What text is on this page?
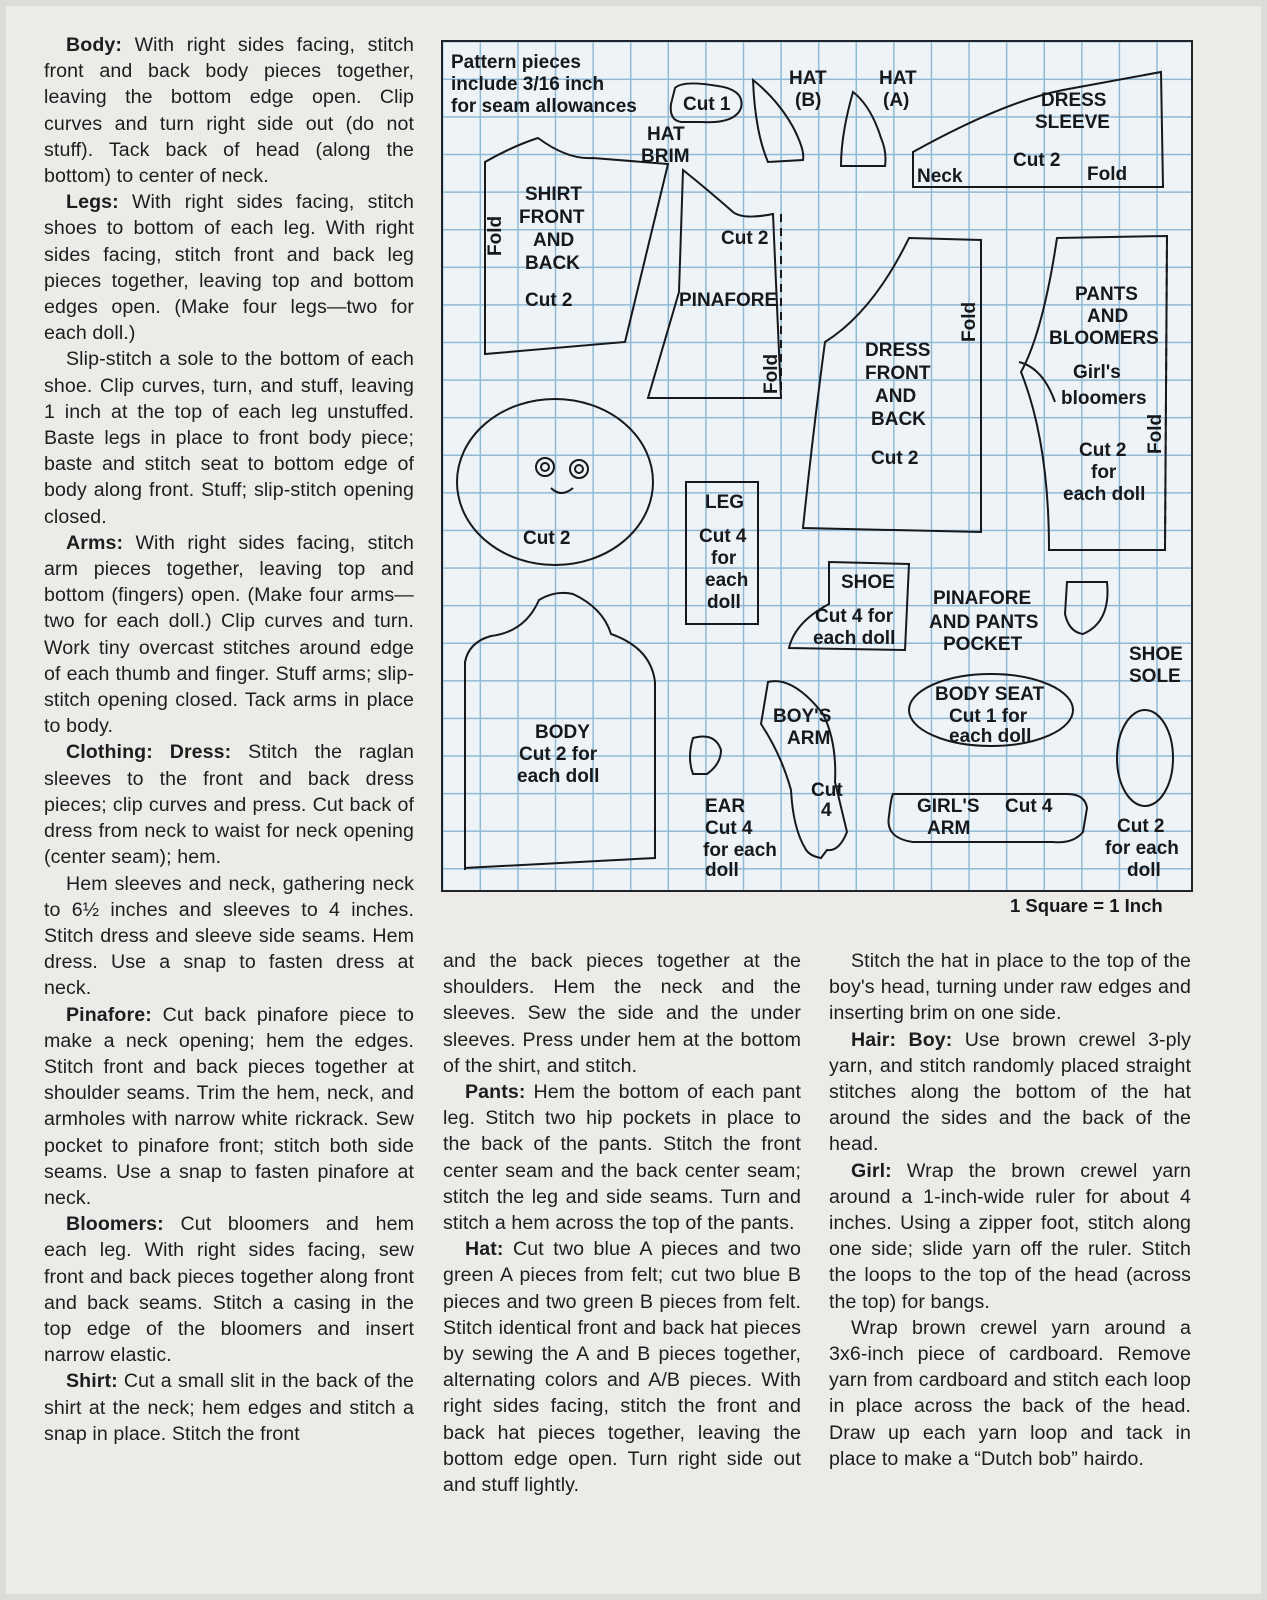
Body: With right sides facing, stitch front and back body pieces together, leaving the bottom edge open. Clip curves and turn right side out (do not stuff). Tack back of head (along the bottom) to center of neck.

Legs: With right sides facing, stitch shoes to bottom of each leg. With right sides facing, stitch front and back leg pieces together, leaving top and bottom edges open. (Make four legs—two for each doll.)

Slip-stitch a sole to the bottom of each shoe. Clip curves, turn, and stuff, leaving 1 inch at the top of each leg unstuffed. Baste legs in place to front body piece; baste and stitch seat to bottom edge of body along front. Stuff; slip-stitch opening closed.

Arms: With right sides facing, stitch arm pieces together, leaving top and bottom (fingers) open. (Make four arms—two for each doll.) Clip curves and turn. Work tiny overcast stitches around edge of each thumb and finger. Stuff arms; slip-stitch opening closed. Tack arms in place to body.

Clothing: Dress: Stitch the raglan sleeves to the front and back dress pieces; clip curves and press. Cut back of dress from neck to waist for neck opening (center seam); hem.

Hem sleeves and neck, gathering neck to 6½ inches and sleeves to 4 inches. Stitch dress and sleeve side seams. Hem dress. Use a snap to fasten dress at neck.

Pinafore: Cut back pinafore piece to make a neck opening; hem the edges. Stitch front and back pieces together at shoulder seams. Trim the hem, neck, and armholes with narrow white rickrack. Sew pocket to pinafore front; stitch both side seams. Use a snap to fasten pinafore at neck.

Bloomers: Cut bloomers and hem each leg. With right sides facing, sew front and back pieces together along front and back seams. Stitch a casing in the top edge of the bloomers and insert narrow elastic.

Shirt: Cut a small slit in the back of the shirt at the neck; hem edges and stitch a snap in place. Stitch the front

and the back pieces together at the shoulders. Hem the neck and the sleeves. Sew the side and the under sleeves. Press under hem at the bottom of the shirt, and stitch.

Pants: Hem the bottom of each pant leg. Stitch two hip pockets in place to the back of the pants. Stitch the front center seam and the back center seam; stitch the leg and side seams. Turn and stitch a hem across the top of the pants.

Hat: Cut two blue A pieces and two green A pieces from felt; cut two blue B pieces and two green B pieces from felt. Stitch identical front and back hat pieces by sewing the A and B pieces together, alternating colors and A/B pieces. With right sides facing, stitch the front and back hat pieces together, leaving the bottom edge open. Turn right side out and stuff lightly.

Stitch the hat in place to the top of the boy's head, turning under raw edges and inserting brim on one side.

Hair: Boy: Use brown crewel 3-ply yarn, and stitch randomly placed straight stitches along the bottom of the hat around the sides and the back of the head.

Girl: Wrap the brown crewel yarn around a 1-inch-wide ruler for about 4 inches. Using a zipper foot, stitch along one side; slide yarn off the ruler. Stitch the loops to the top of the head (across the top) for bangs.

Wrap brown crewel yarn around a 3x6-inch piece of cardboard. Remove yarn from cardboard and stitch each loop in place across the back of the head. Draw up each yarn loop and tack in place to make a “Dutch bob” hairdo.

Pattern pieces
include 3/16 inch
for seam allowances Cut 1
HAT
BRIM
HAT
(B)
HAT
(A)	DRESS
SLEEVE
Cut 2
Neck	Fold
SHIRT
FRONT
AND
BACK
Cut 2
Fold	Cut 2
PINAFORE
Fold
DRESS
FRONT
AND
BACK
Cut 2
Fold
PANTS
AND
BLOOMERS
Girl's
bloomers
Cut 2
for
each doll
Fold
Cut 2
LEG
Cut 4
for
each
doll
SHOE
Cut 4 for
each doll
PINAFORE
AND PANTS
POCKET	SHOE
SOLE
Cut 2
for each
doll
BODY
Cut 2 for
each doll
EAR
Cut 4
for each
doll
BOY'S
ARM
Cut
4
BODY SEAT
Cut 1 for
each doll
GIRL'S
ARM
Cut 4
1 Square = 1 Inch
